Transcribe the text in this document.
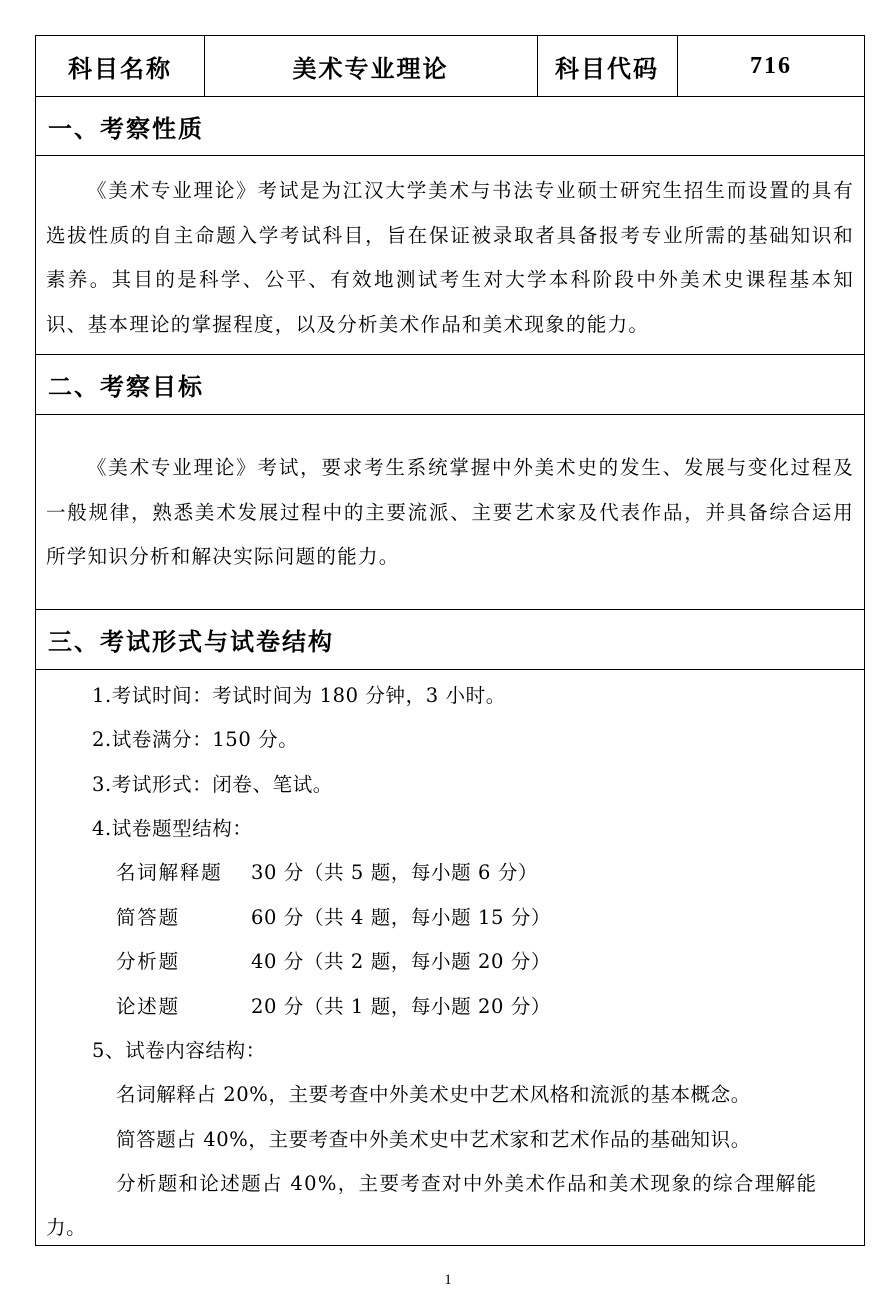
科目名称	美术专业理论	科目代码	716
一、考察性质

《美术专业理论》考试是为江汉大学美术与书法专业硕士研究生招生而设置的具有选拔性质的自主命题入学考试科目，旨在保证被录取者具备报考专业所需的基础知识和素养。其目的是科学、公平、有效地测试考生对大学本科阶段中外美术史课程基本知识、基本理论的掌握程度，以及分析美术作品和美术现象的能力。

二、考察目标

《美术专业理论》考试，要求考生系统掌握中外美术史的发生、发展与变化过程及一般规律，熟悉美术发展过程中的主要流派、主要艺术家及代表作品，并具备综合运用所学知识分析和解决实际问题的能力。

三、考试形式与试卷结构
1.考试时间：考试时间为 180 分钟，3 小时。
2.试卷满分：150 分。
3.考试形式：闭卷、笔试。
4.试卷题型结构：
名词解释题 30 分（共 5 题，每小题 6 分）
简答题	60 分（共 4 题，每小题 15 分）
分析题	40 分（共 2 题，每小题 20 分）
论述题	20 分（共 1 题，每小题 20 分）
5、试卷内容结构：
名词解释占 20%，主要考查中外美术史中艺术风格和流派的基本概念。
简答题占 40%，主要考查中外美术史中艺术家和艺术作品的基础知识。
分析题和论述题占 40%，主要考查对中外美术作品和美术现象的综合理解能
力。
1
